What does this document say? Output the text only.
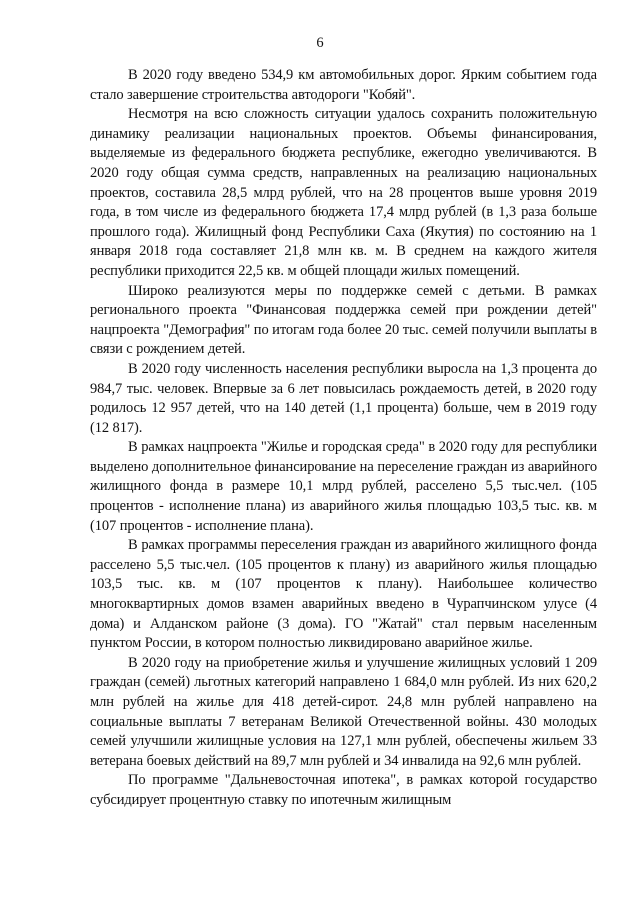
6

В 2020 году введено 534,9 км автомобильных дорог. Ярким событием года стало завершение строительства автодороги "Кобяй".

Несмотря на всю сложность ситуации удалось сохранить положительную динамику реализации национальных проектов. Объемы финансирования, выделяемые из федерального бюджета республике, ежегодно увеличиваются. В 2020 году общая сумма средств, направленных на реализацию национальных проектов, составила 28,5 млрд рублей, что на 28 процентов выше уровня 2019 года, в том числе из федерального бюджета 17,4 млрд рублей (в 1,3 раза больше прошлого года). Жилищный фонд Республики Саха (Якутия) по состоянию на 1 января 2018 года составляет 21,8 млн кв. м. В среднем на каждого жителя республики приходится 22,5 кв. м общей площади жилых помещений.

Широко реализуются меры по поддержке семей с детьми. В рамках регионального проекта "Финансовая поддержка семей при рождении детей" нацпроекта "Демография" по итогам года более 20 тыс. семей получили выплаты в связи с рождением детей.

В 2020 году численность населения республики выросла на 1,3 процента до 984,7 тыс. человек. Впервые за 6 лет повысилась рождаемость детей, в 2020 году родилось 12 957 детей, что на 140 детей (1,1 процента) больше, чем в 2019 году (12 817).

В рамках нацпроекта "Жилье и городская среда" в 2020 году для республики выделено дополнительное финансирование на переселение граждан из аварийного жилищного фонда в размере 10,1 млрд рублей, расселено 5,5 тыс.чел. (105 процентов - исполнение плана) из аварийного жилья площадью 103,5 тыс. кв. м (107 процентов - исполнение плана).

В рамках программы переселения граждан из аварийного жилищного фонда расселено 5,5 тыс.чел. (105 процентов к плану) из аварийного жилья площадью 103,5 тыс. кв. м (107 процентов к плану). Наибольшее количество многоквартирных домов взамен аварийных введено в Чурапчинском улусе (4 дома) и Алданском районе (3 дома). ГО "Жатай" стал первым населенным пунктом России, в котором полностью ликвидировано аварийное жилье.

В 2020 году на приобретение жилья и улучшение жилищных условий 1 209 граждан (семей) льготных категорий направлено 1 684,0 млн рублей. Из них 620,2 млн рублей на жилье для 418 детей-сирот. 24,8 млн рублей направлено на социальные выплаты 7 ветеранам Великой Отечественной войны. 430 молодых семей улучшили жилищные условия на 127,1 млн рублей, обеспечены жильем 33 ветерана боевых действий на 89,7 млн рублей и 34 инвалида на 92,6 млн рублей.

По программе "Дальневосточная ипотека", в рамках которой государство субсидирует процентную ставку по ипотечным жилищным
